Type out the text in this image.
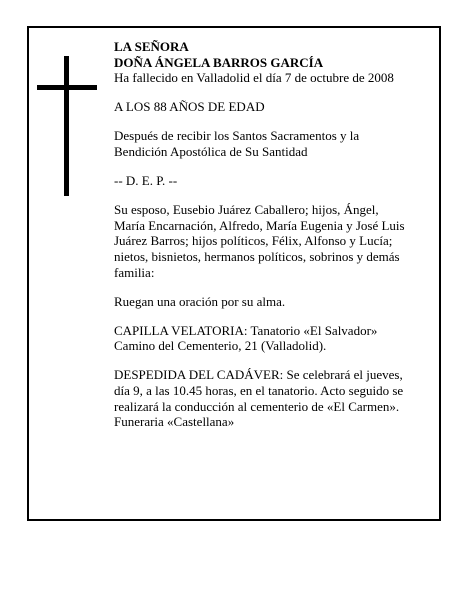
LA SEÑORA

DOÑA ÁNGELA BARROS GARCÍA

Ha fallecido en Valladolid el día 7 de octubre de 2008

A LOS 88 AÑOS DE EDAD

Después de recibir los Santos Sacramentos y la

Bendición Apostólica de Su Santidad

-- D. E. P. --

Su esposo, Eusebio Juárez Caballero; hijos, Ángel,

María Encarnación, Alfredo, María Eugenia y José Luis

Juárez Barros; hijos políticos, Félix, Alfonso y Lucía;

nietos, bisnietos, hermanos políticos, sobrinos y demás

familia:

Ruegan una oración por su alma.

CAPILLA VELATORIA: Tanatorio «El Salvador»

Camino del Cementerio, 21 (Valladolid).

DESPEDIDA DEL CADÁVER: Se celebrará el jueves,

día 9, a las 10.45 horas, en el tanatorio. Acto seguido se

realizará la conducción al cementerio de «El Carmen».

Funeraria «Castellana»
